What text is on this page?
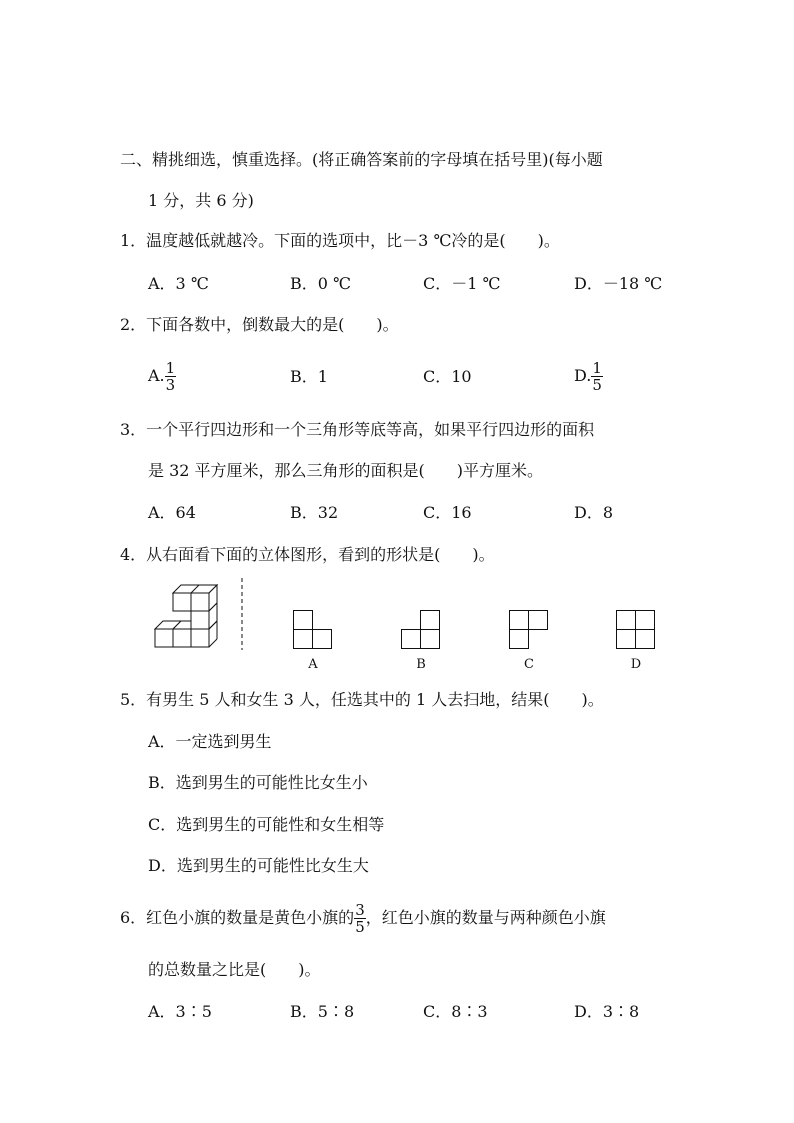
二、精挑细选，慎重选择。(将正确答案前的字母填在括号里)(每小题
1 分，共 6 分)
1．温度越低就越冷。下面的选项中，比－3 ℃冷的是(　　)。
A．3 ℃	B．0 ℃	C．－1 ℃	D．－18 ℃
2．下面各数中，倒数最大的是(　　)。
A. $\frac{1}{3}$	B．1	C．10	D. $\frac{1}{5}$
3．一个平行四边形和一个三角形等底等高，如果平行四边形的面积
是 32 平方厘米，那么三角形的面积是(　　)平方厘米。
A．64	B．32	C．16	D．8
4．从右面看下面的立体图形，看到的形状是(　　)。
A	B	C	D
5．有男生 5 人和女生 3 人，任选其中的 1 人去扫地，结果(　　)。
A．一定选到男生
B．选到男生的可能性比女生小
C．选到男生的可能性和女生相等
D．选到男生的可能性比女生大
6．红色小旗的数量是黄色小旗的 $\frac{3}{5}$ ，红色小旗的数量与两种颜色小旗
的总数量之比是(　　)。
A．3∶5	B．5∶8	C．8∶3	D．3∶8
